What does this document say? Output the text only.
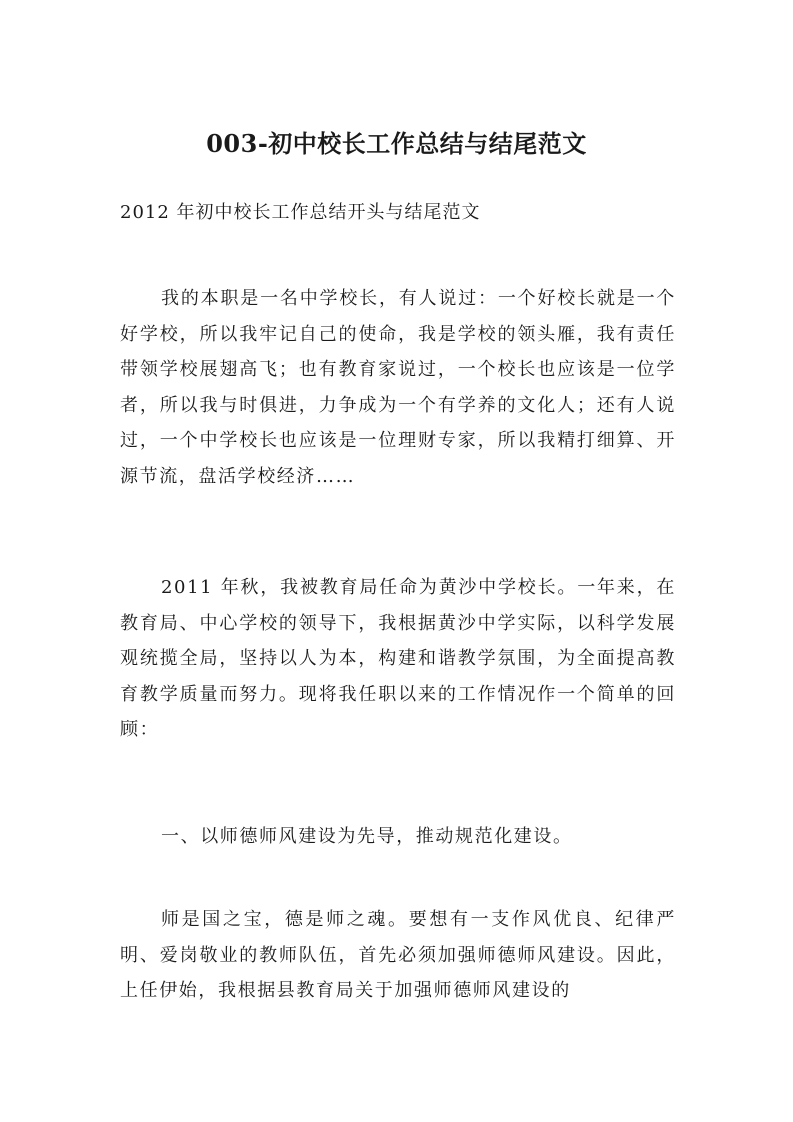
003-初中校长工作总结与结尾范文

2012 年初中校长工作总结开头与结尾范文

我的本职是一名中学校长，有人说过：一个好校长就是一个好学校，所以我牢记自己的使命，我是学校的领头雁，我有责任带领学校展翅高飞；也有教育家说过，一个校长也应该是一位学者，所以我与时俱进，力争成为一个有学养的文化人；还有人说过，一个中学校长也应该是一位理财专家，所以我精打细算、开源节流，盘活学校经济……

2011 年秋，我被教育局任命为黄沙中学校长。一年来，在教育局、中心学校的领导下，我根据黄沙中学实际，以科学发展观统揽全局，坚持以人为本，构建和谐教学氛围，为全面提高教育教学质量而努力。现将我任职以来的工作情况作一个简单的回顾：

一、以师德师风建设为先导，推动规范化建设。

师是国之宝，德是师之魂。要想有一支作风优良、纪律严明、爱岗敬业的教师队伍，首先必须加强师德师风建设。因此，上任伊始，我根据县教育局关于加强师德师风建设的
